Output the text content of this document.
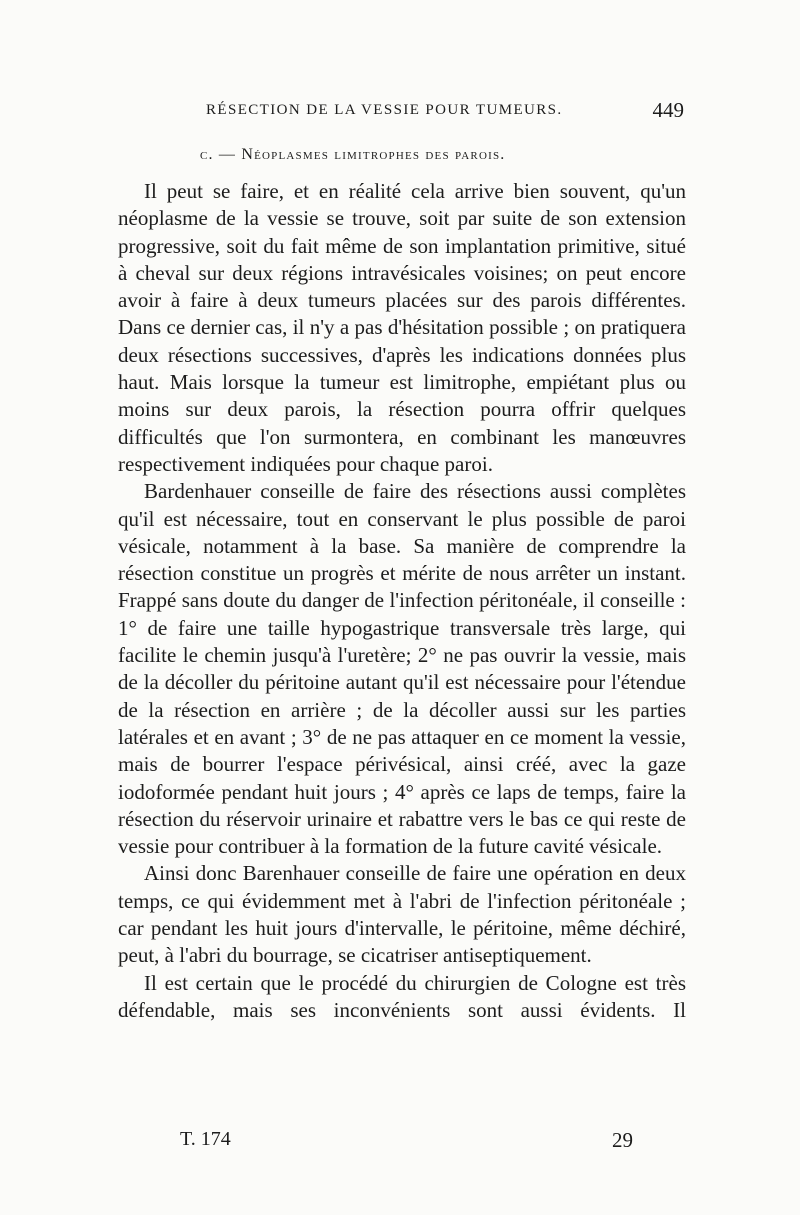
RÉSECTION DE LA VESSIE POUR TUMEURS.	449
c. — Néoplasmes limitrophes des parois.

Il peut se faire, et en réalité cela arrive bien souvent, qu'un néoplasme de la vessie se trouve, soit par suite de son extension progressive, soit du fait même de son implantation primitive, situé à cheval sur deux régions intravésicales voisines; on peut encore avoir à faire à deux tumeurs placées sur des parois différentes. Dans ce dernier cas, il n'y a pas d'hésitation possible ; on pratiquera deux résections successives, d'après les indications données plus haut. Mais lorsque la tumeur est limitrophe, empiétant plus ou moins sur deux parois, la résection pourra offrir quelques difficultés que l'on surmontera, en combinant les manœuvres respectivement indiquées pour chaque paroi.

Bardenhauer conseille de faire des résections aussi complètes qu'il est nécessaire, tout en conservant le plus possible de paroi vésicale, notamment à la base. Sa manière de comprendre la résection constitue un progrès et mérite de nous arrêter un instant. Frappé sans doute du danger de l'infection péritonéale, il conseille : 1° de faire une taille hypogastrique transversale très large, qui facilite le chemin jusqu'à l'uretère; 2° ne pas ouvrir la vessie, mais de la décoller du péritoine autant qu'il est nécessaire pour l'étendue de la résection en arrière ; de la décoller aussi sur les parties latérales et en avant ; 3° de ne pas attaquer en ce moment la vessie, mais de bourrer l'espace périvésical, ainsi créé, avec la gaze iodoformée pendant huit jours ; 4° après ce laps de temps, faire la résection du réservoir urinaire et rabattre vers le bas ce qui reste de vessie pour contribuer à la formation de la future cavité vésicale.

Ainsi donc Barenhauer conseille de faire une opération en deux temps, ce qui évidemment met à l'abri de l'infection péritonéale ; car pendant les huit jours d'intervalle, le péritoine, même déchiré, peut, à l'abri du bourrage, se cicatriser antiseptiquement.

Il est certain que le procédé du chirurgien de Cologne est très défendable, mais ses inconvénients sont aussi évidents. Il

T. 174	29
